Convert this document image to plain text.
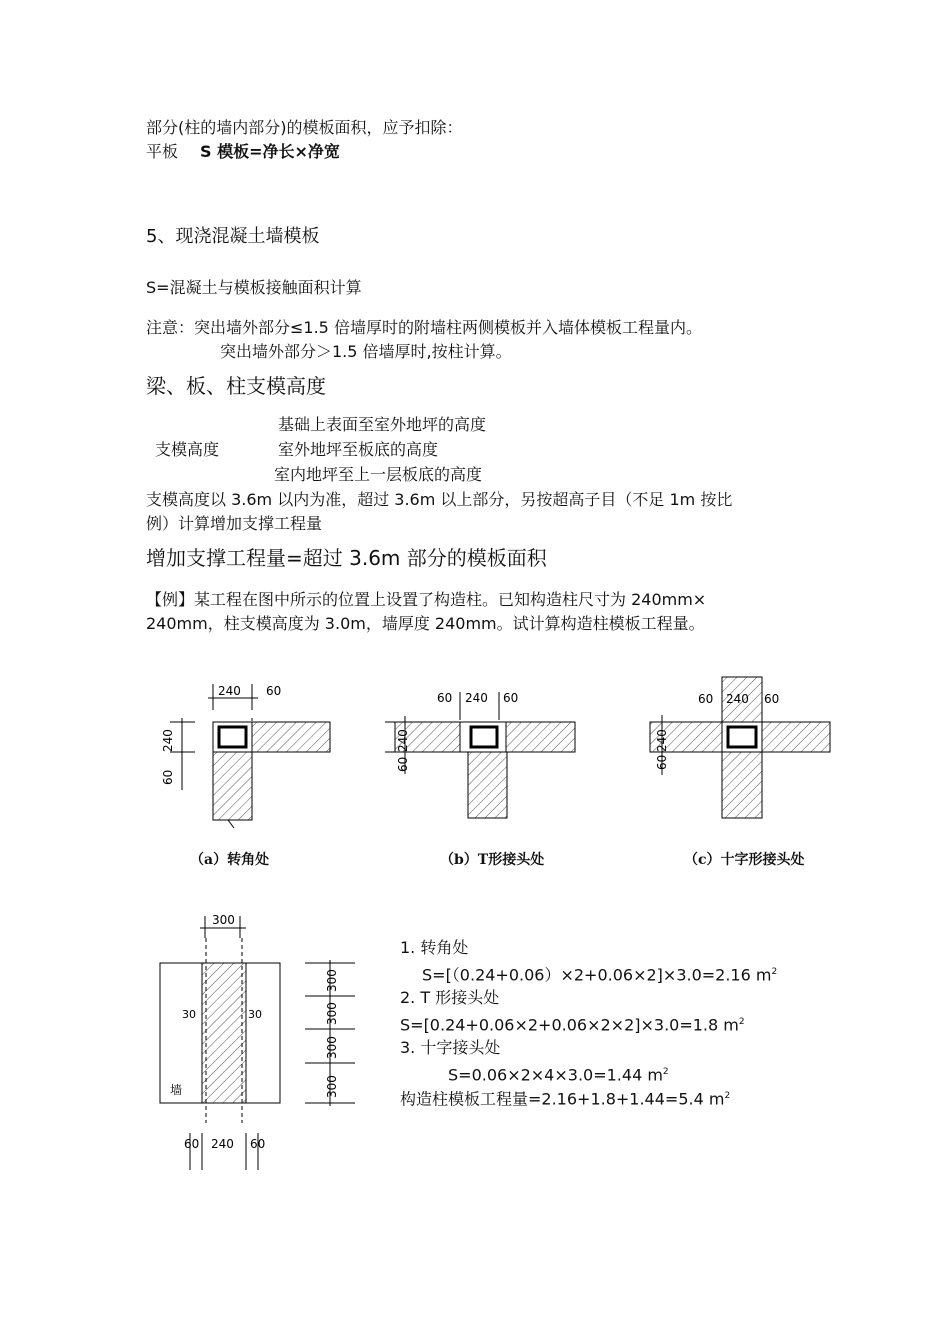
部分(柱的墙内部分)的模板面积，应予扣除：
平板 S 模板=净长×净宽
5、现浇混凝土墙模板
S=混凝土与模板接触面积计算
注意：突出墙外部分≤1.5 倍墙厚时的附墙柱两侧模板并入墙体模板工程量内。
突出墙外部分＞1.5 倍墙厚时,按柱计算。
梁、板、柱支模高度
基础上表面至室外地坪的高度
支模高度	室外地坪至板底的高度
室内地坪至上一层板底的高度
支模高度以 3.6m 以内为准，超过 3.6m 以上部分，另按超高子目（不足 1m 按比
例）计算增加支撑工程量
增加支撑工程量=超过 3.6m 部分的模板面积
【例】某工程在图中所示的位置上设置了构造柱。已知构造柱尺寸为 240mm×
240mm，柱支模高度为 3.0m，墙厚度 240mm。试计算构造柱模板工程量。
240 60
240
60
（a）转角处
60 240 60
60
（b）T形接头处
60 240 60
60
（c）十字形接头处
300
30	30
300
300
300
300
墙
60 240 60
1. 转角处
S=[（0.24+0.06）×2+0.06×2]×3.0=2.16 $m^2$
2. T 形接头处
S=[0.24+0.06×2+0.06×2×2]×3.0=1.8 $m^2$
3. 十字接头处
S=0.06×2×4×3.0=1.44 $m^2$
构造柱模板工程量=2.16+1.8+1.44=5.4 $m^2$
